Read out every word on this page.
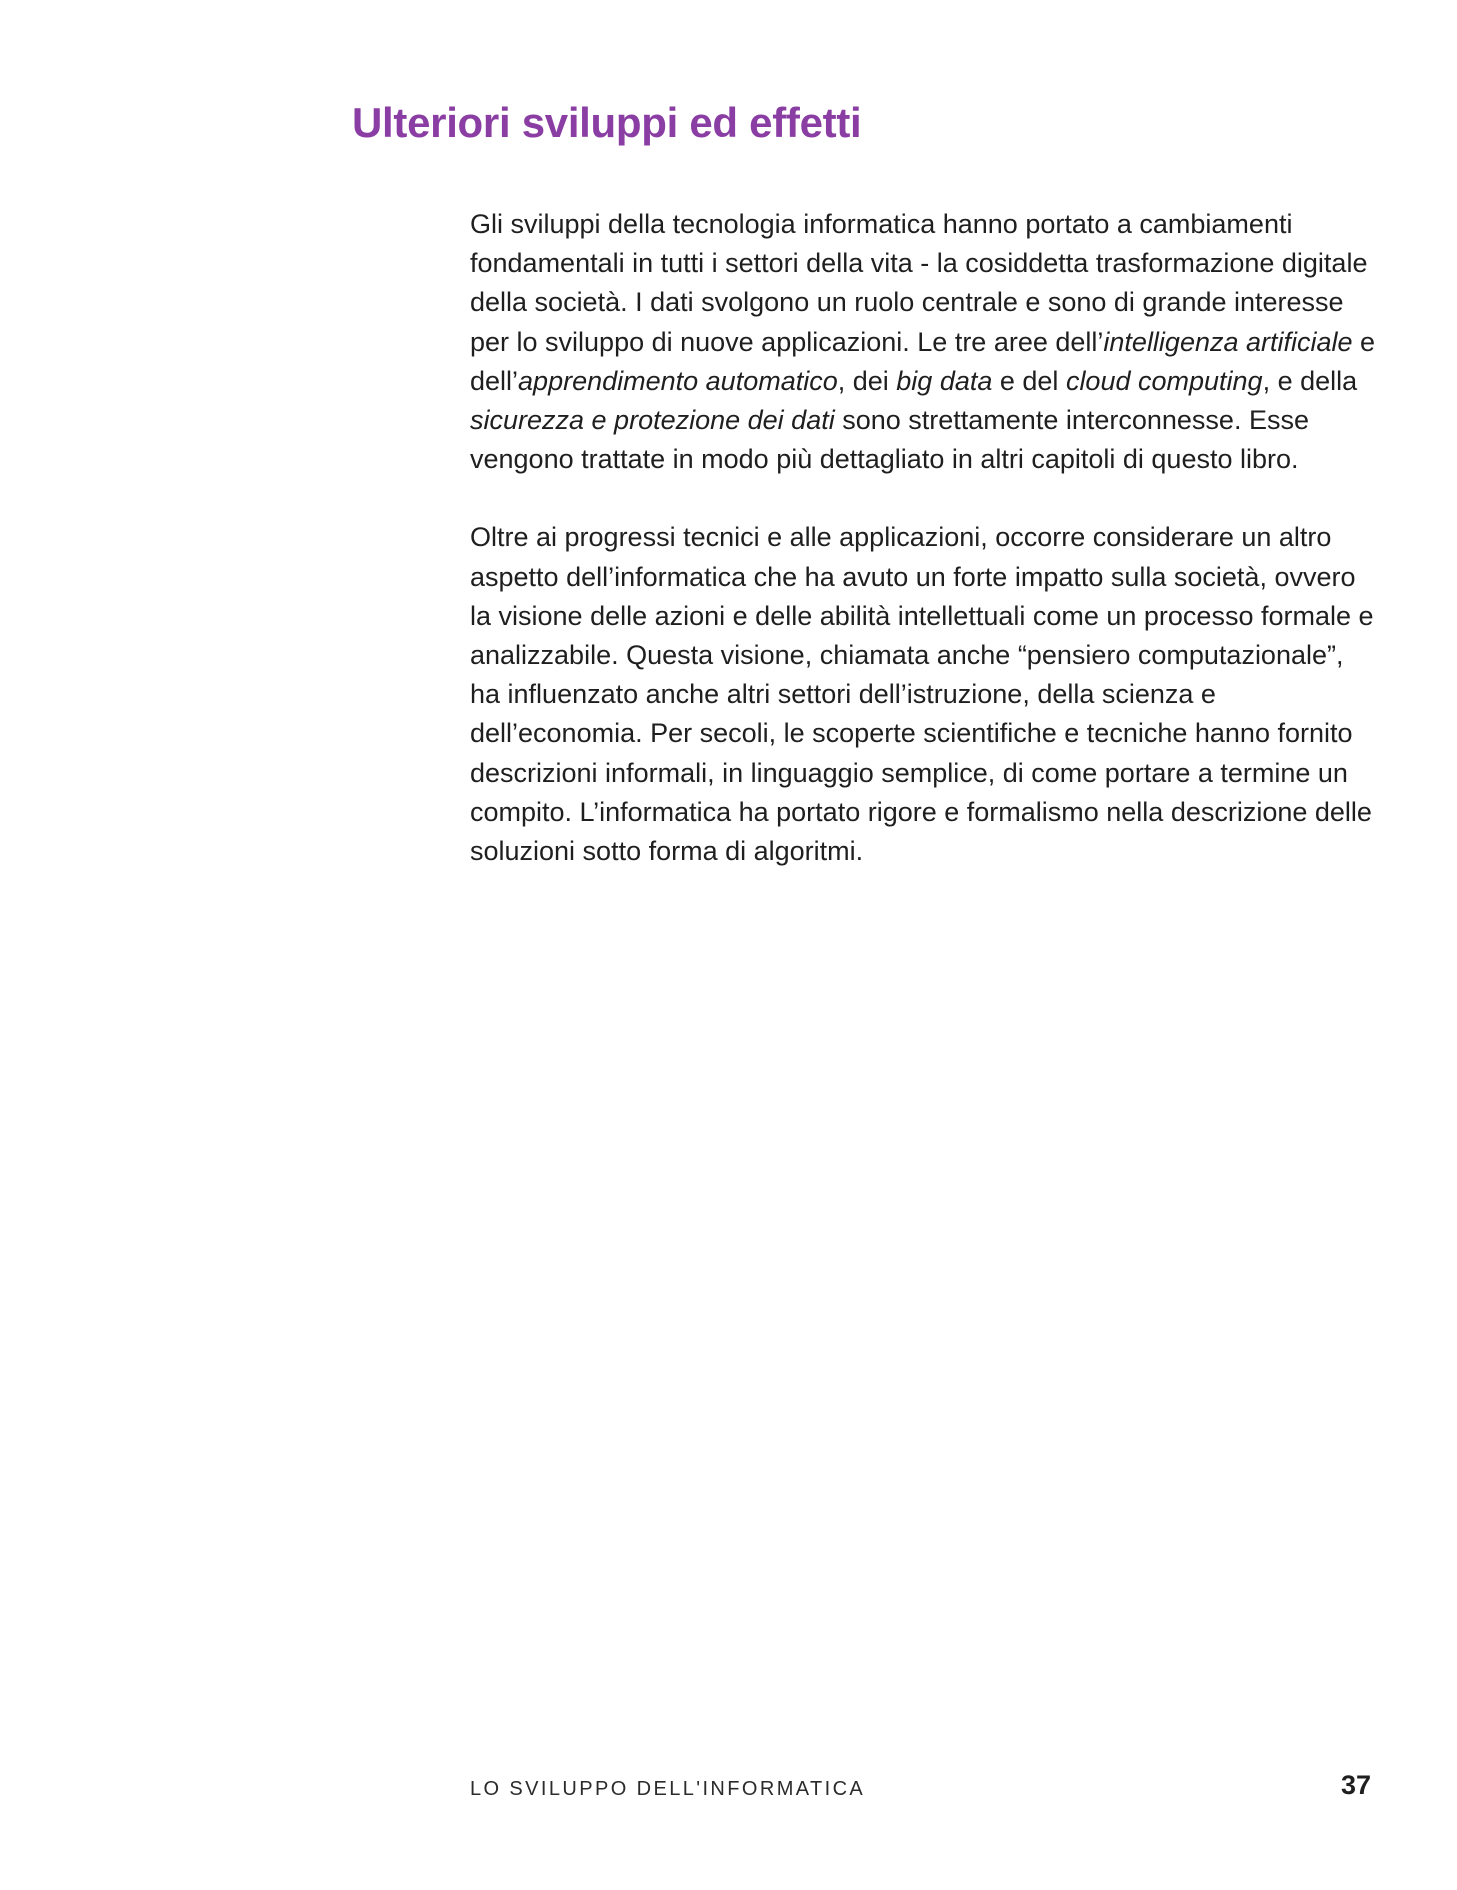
Ulteriori sviluppi ed effetti

Gli sviluppi della tecnologia informatica hanno portato a cambiamenti fondamentali in tutti i settori della vita - la cosiddetta trasformazione digitale della società. I dati svolgono un ruolo centrale e sono di grande interesse per lo sviluppo di nuove applicazioni. Le tre aree dell’intelligenza artificiale e dell’apprendimento automatico, dei big data e del cloud computing, e della sicurezza e protezione dei dati sono strettamente interconnesse. Esse vengono trattate in modo più dettagliato in altri capitoli di questo libro.

Oltre ai progressi tecnici e alle applicazioni, occorre considerare un altro aspetto dell’informatica che ha avuto un forte impatto sulla società, ovvero la visione delle azioni e delle abilità intellettuali come un processo formale e analizzabile. Questa visione, chiamata anche “pensiero computazionale”, ha influenzato anche altri settori dell’istruzione, della scienza e dell’economia. Per secoli, le scoperte scientifiche e tecniche hanno fornito descrizioni informali, in linguaggio semplice, di come portare a termine un compito. L’informatica ha portato rigore e formalismo nella descrizione delle soluzioni sotto forma di algoritmi.

LO SVILUPPO DELL'INFORMATICA	37
